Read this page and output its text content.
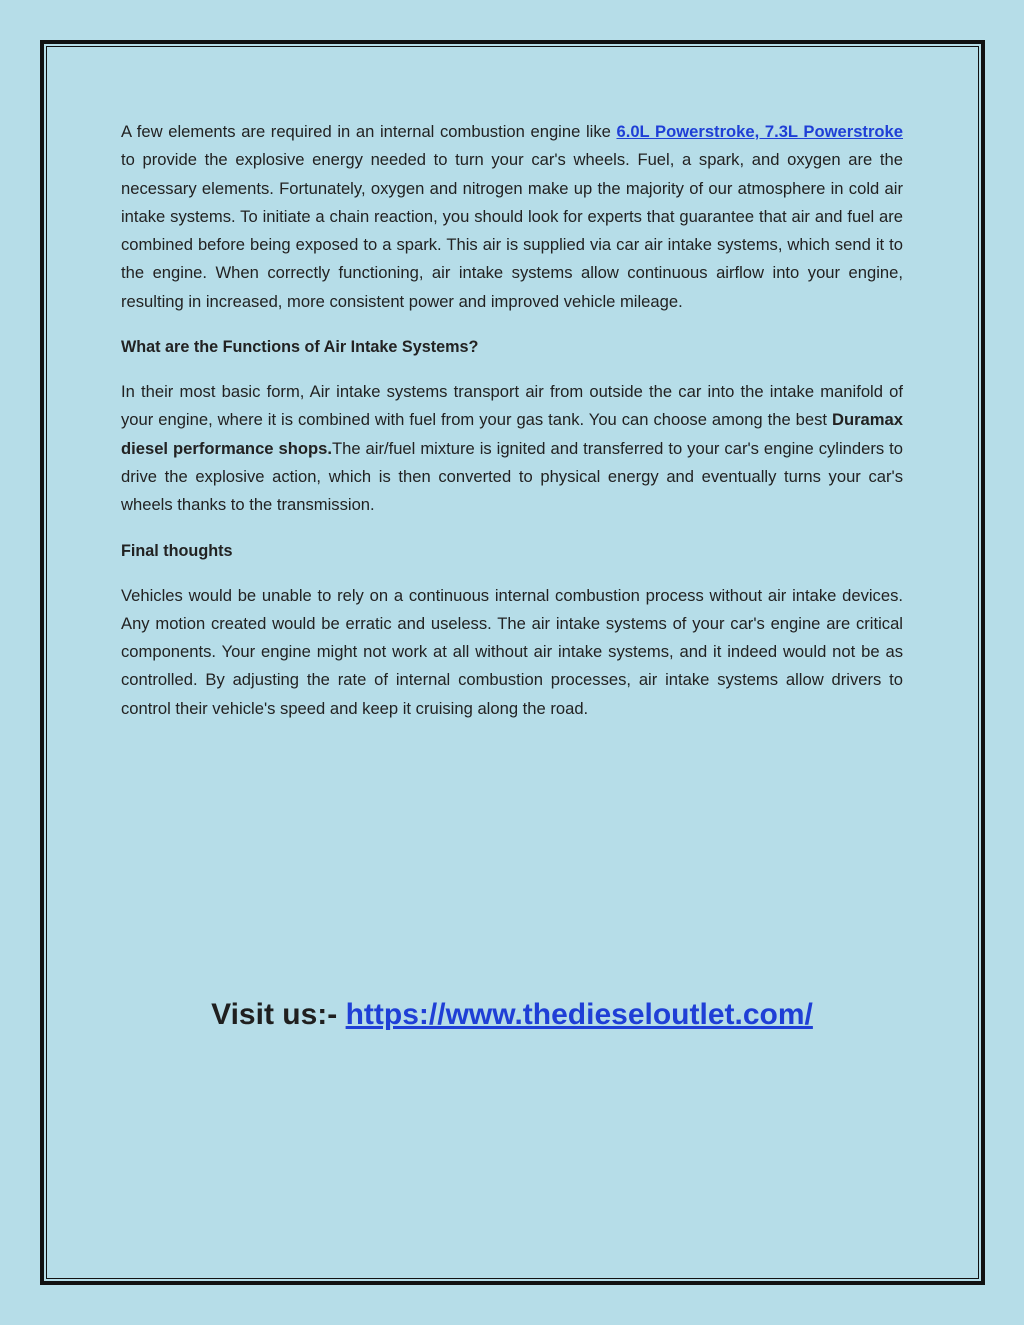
A few elements are required in an internal combustion engine like 6.0L Powerstroke, 7.3L Powerstroke to provide the explosive energy needed to turn your car's wheels. Fuel, a spark, and oxygen are the necessary elements. Fortunately, oxygen and nitrogen make up the majority of our atmosphere in cold air intake systems. To initiate a chain reaction, you should look for experts that guarantee that air and fuel are combined before being exposed to a spark. This air is supplied via car air intake systems, which send it to the engine. When correctly functioning, air intake systems allow continuous airflow into your engine, resulting in increased, more consistent power and improved vehicle mileage.

What are the Functions of Air Intake Systems?

In their most basic form, Air intake systems transport air from outside the car into the intake manifold of your engine, where it is combined with fuel from your gas tank. You can choose among the best Duramax diesel performance shops.The air/fuel mixture is ignited and transferred to your car's engine cylinders to drive the explosive action, which is then converted to physical energy and eventually turns your car's wheels thanks to the transmission.

Final thoughts

Vehicles would be unable to rely on a continuous internal combustion process without air intake devices. Any motion created would be erratic and useless. The air intake systems of your car's engine are critical components. Your engine might not work at all without air intake systems, and it indeed would not be as controlled. By adjusting the rate of internal combustion processes, air intake systems allow drivers to control their vehicle's speed and keep it cruising along the road.

Visit us:- https://www.thedieseloutlet.com/
